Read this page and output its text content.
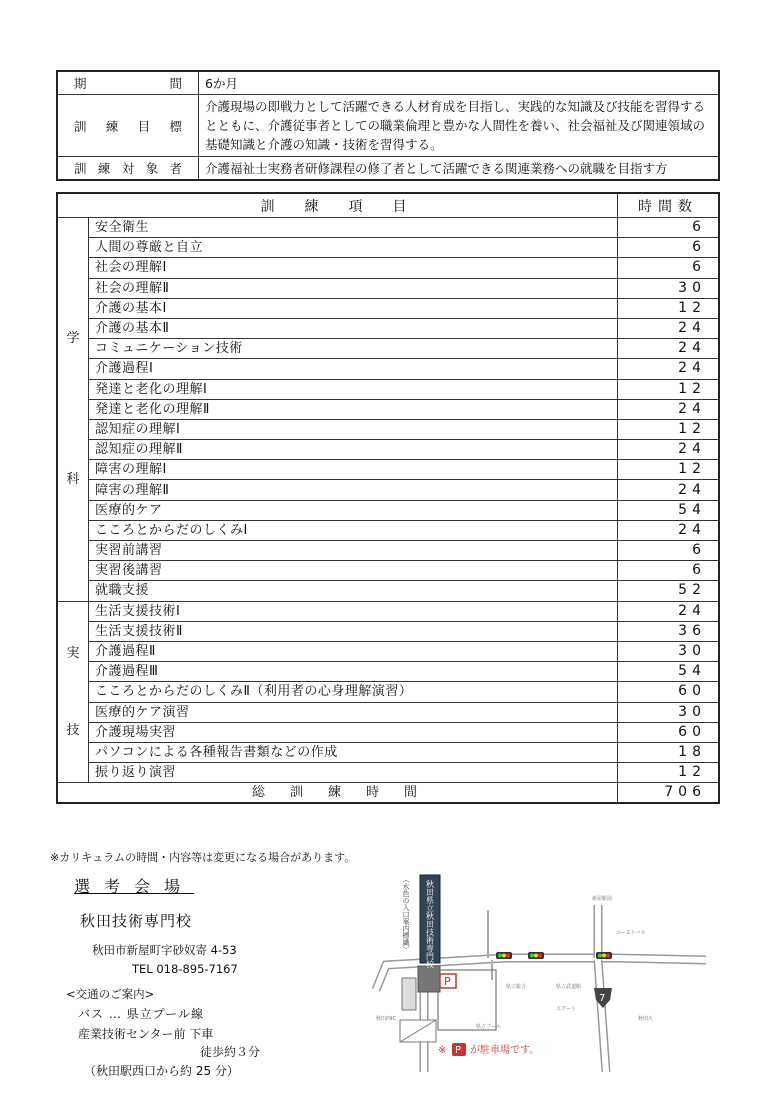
期 間	6か月

訓 練 目 標	介護現場の即戦力として活躍できる人材育成を目指し、実践的な知識及び技能を習得するとともに、介護従事者としての職業倫理と豊かな人間性を養い、社会福祉及び関連領域の基礎知識と介護の知識・技術を習得する。

訓 練 対 象 者	介護福祉士実務者研修課程の修了者として活躍できる関連業務への就職を目指す方
訓　練　項　目		時間数

学
科	安全衛生	6
	人間の尊厳と自立	6
	社会の理解Ⅰ	6
	社会の理解Ⅱ	30
	介護の基本Ⅰ	12
	介護の基本Ⅱ	24
	コミュニケーション技術	24
	介護過程Ⅰ	24
	発達と老化の理解Ⅰ	12
	発達と老化の理解Ⅱ	24
	認知症の理解Ⅰ	12
	認知症の理解Ⅱ	24
	障害の理解Ⅰ	12
	障害の理解Ⅱ	24
	医療的ケア	54
	こころとからだのしくみⅠ	24
	実習前講習	6
	実習後講習	6
	就職支援	52

実
技	生活支援技術Ⅰ	24
	生活支援技術Ⅱ	36
	介護過程Ⅱ	30
	介護過程Ⅲ	54
	こころとからだのしくみⅡ（利用者の心身理解演習）	60
	医療的ケア演習	30
	介護現場実習	60
	パソコンによる各種報告書類などの作成	18
	振り返り演習	12
総　訓　練　時　間		706
※カリキュラムの時間・内容等は変更になる場合があります。
選考会場
秋田技術専門校
秋田市新屋町字砂奴寄 4-53
TEL 018-895-7167
<交通のご案内>
バス … 県立プール線
産業技術センター前 下車
徒歩約３分
（秋田駅西口から約 25 分）
秋田県立秋田技術専門校
（水色の入口案内標識）
P
7
ユーストバル
県立総合	県立武道館
県立プール
エアート
秋田大
秋田西IC
新屋駅前
※ P が駐車場です。
